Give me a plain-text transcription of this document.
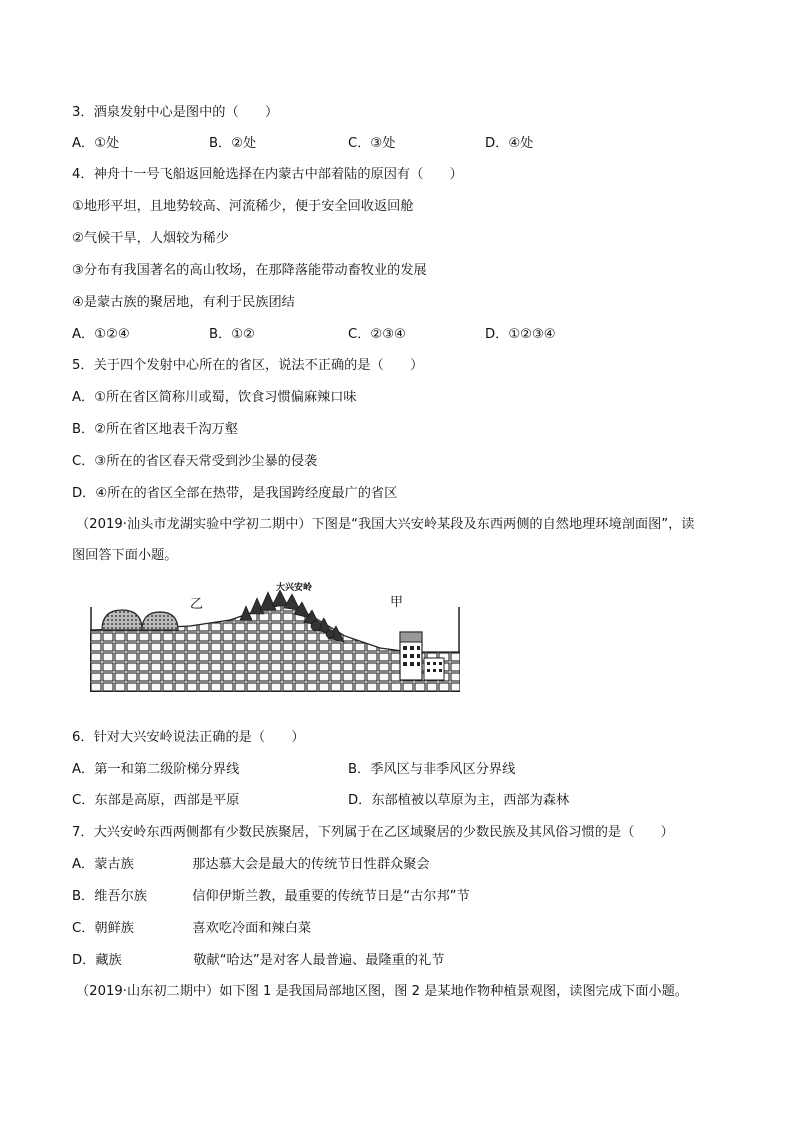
3．酒泉发射中心是图中的（　　）
A．①处	B．②处	C．③处	D．④处
4．神舟十一号飞船返回舱选择在内蒙古中部着陆的原因有（　　）
①地形平坦，且地势较高、河流稀少，便于安全回收返回舱
②气候干旱，人烟较为稀少
③分布有我国著名的高山牧场，在那降落能带动畜牧业的发展
④是蒙古族的聚居地，有利于民族团结
A．①②④	B．①②	C．②③④	D．①②③④
5．关于四个发射中心所在的省区，说法不正确的是（　　）
A．①所在省区简称川或蜀，饮食习惯偏麻辣口味
B．②所在省区地表千沟万壑
C．③所在的省区春天常受到沙尘暴的侵袭
D．④所在的省区全部在热带，是我国跨经度最广的省区
（2019·汕头市龙湖实验中学初二期中）下图是“我国大兴安岭某段及东西两侧的自然地理环境剖面图”，读
图回答下面小题。
乙
大兴安岭
甲
6．针对大兴安岭说法正确的是（　　）
A．第一和第二级阶梯分界线	B．季风区与非季风区分界线
C．东部是高原，西部是平原	D．东部植被以草原为主，西部为森林
7．大兴安岭东西两侧都有少数民族聚居，下列属于在乙区域聚居的少数民族及其风俗习惯的是（　　）
A．蒙古族	那达慕大会是最大的传统节日性群众聚会
B．维吾尔族	信仰伊斯兰教，最重要的传统节日是“古尔邦”节
C．朝鲜族	喜欢吃冷面和辣白菜
D．藏族	敬献“哈达”是对客人最普遍、最隆重的礼节
（2019·山东初二期中）如下图 1 是我国局部地区图，图 2 是某地作物种植景观图，读图完成下面小题。
